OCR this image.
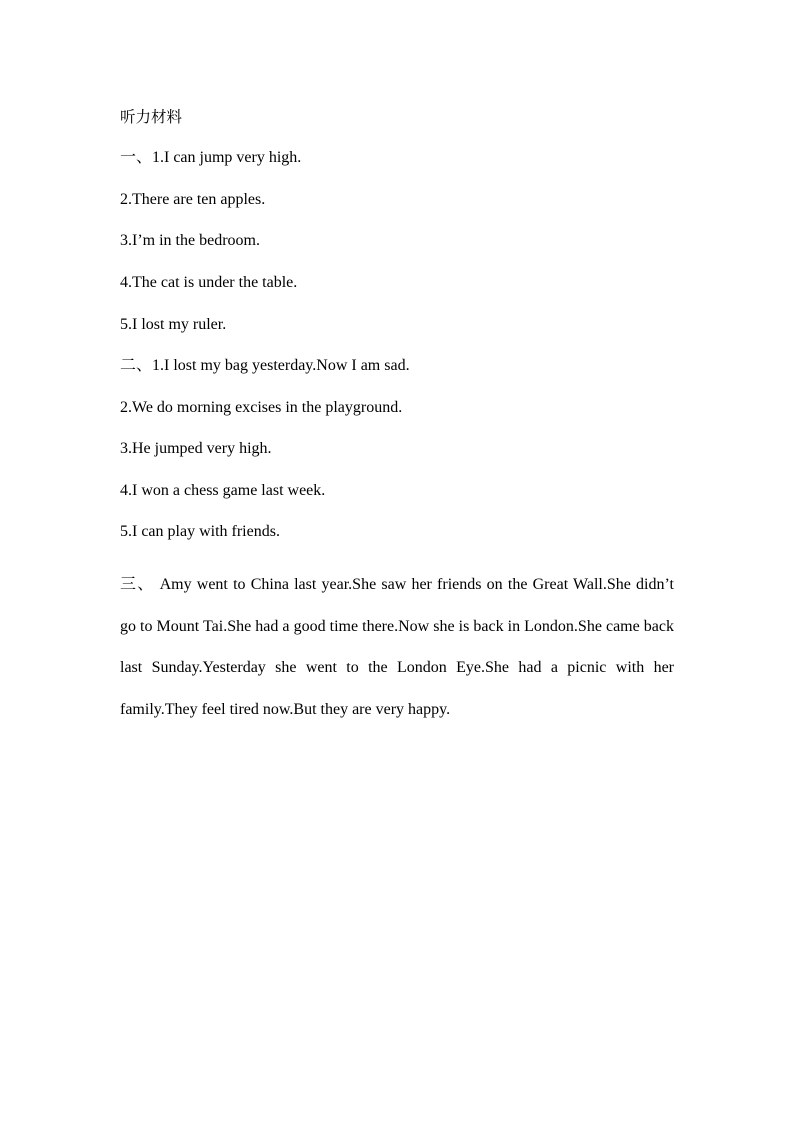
听力材料
一、1.I can jump very high.
2.There are ten apples.
3.I’m in the bedroom.
4.The cat is under the table.
5.I lost my ruler.
二、1.I lost my bag yesterday.Now I am sad.
2.We do morning excises in the playground.
3.He jumped very high.
4.I won a chess game last week.
5.I can play with friends.
三、 Amy went to China last year.She saw her friends on the Great Wall.She didn’t go to Mount Tai.She had a good time there.Now she is back in London.She came back last Sunday.Yesterday she went to the London Eye.She had a picnic with her family.They feel tired now.But they are very happy.
